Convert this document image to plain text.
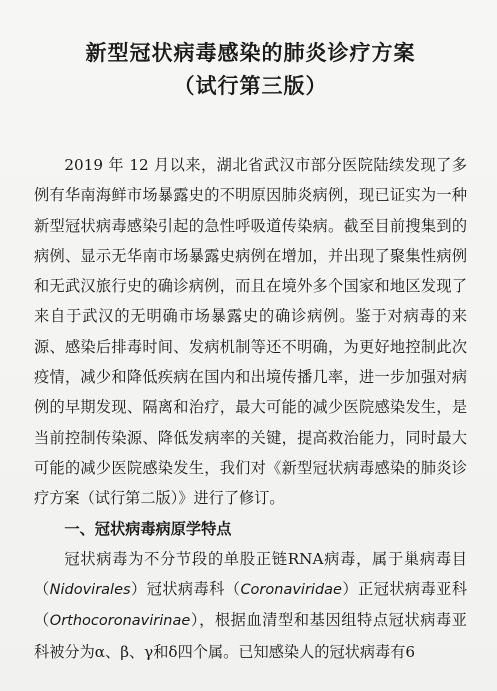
新型冠状病毒感染的肺炎诊疗方案
（试行第三版）

2019 年 12 月以来，湖北省武汉市部分医院陆续发现了多例有华南海鲜市场暴露史的不明原因肺炎病例，现已证实为一种新型冠状病毒感染引起的急性呼吸道传染病。截至目前搜集到的病例、显示无华南市场暴露史病例在增加，并出现了聚集性病例和无武汉旅行史的确诊病例，而且在境外多个国家和地区发现了来自于武汉的无明确市场暴露史的确诊病例。鉴于对病毒的来源、感染后排毒时间、发病机制等还不明确，为更好地控制此次疫情，减少和降低疾病在国内和出境传播几率，进一步加强对病例的早期发现、隔离和治疗，最大可能的减少医院感染发生，是当前控制传染源、降低发病率的关键，提高救治能力，同时最大可能的减少医院感染发生，我们对《新型冠状病毒感染的肺炎诊疗方案（试行第二版）》进行了修订。

一、冠状病毒病原学特点

冠状病毒为不分节段的单股正链RNA病毒，属于巢病毒目（Nidovirales）冠状病毒科（Coronaviridae）正冠状病毒亚科（Orthocoronavirinae），根据血清型和基因组特点冠状病毒亚科被分为α、β、γ和δ四个属。已知感染人的冠状病毒有6
